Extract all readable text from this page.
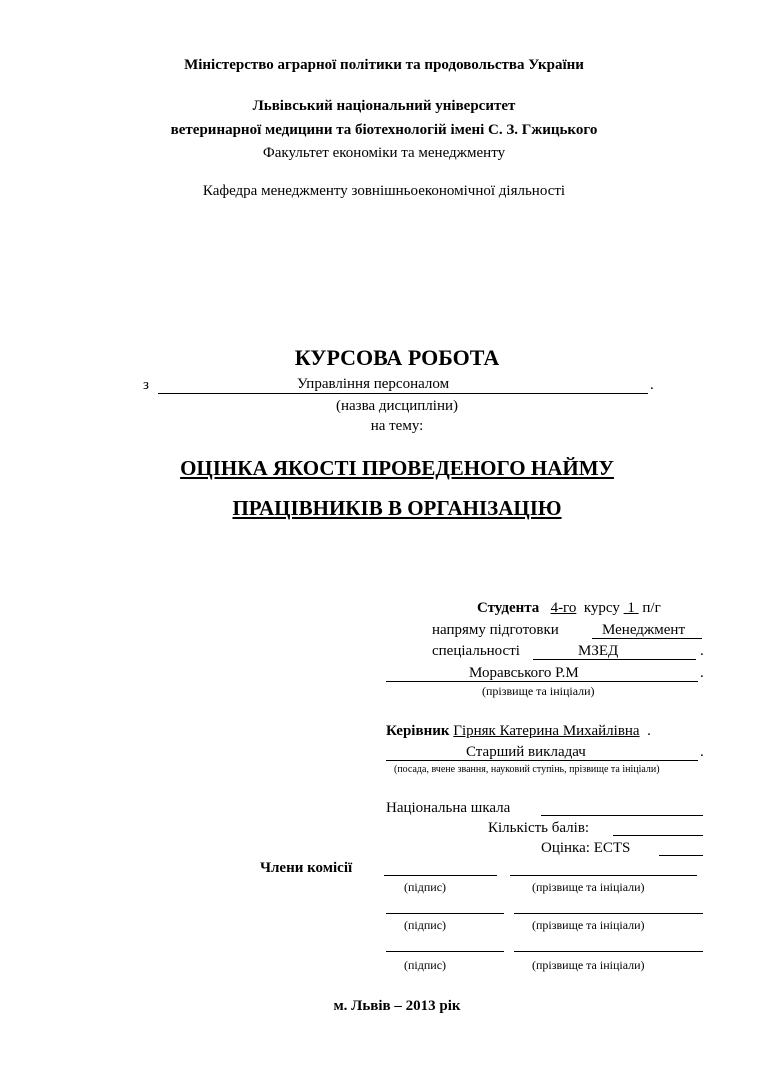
Міністерство аграрної політики та продовольства України
Львівський національний університет
ветеринарної медицини та біотехнологій імені С. З. Гжицького
Факультет економіки та менеджменту
Кафедра менеджменту зовнішньоекономічної діяльності
КУРСОВА РОБОТА
з	Управління персоналом	.
(назва дисципліни)
на тему:
ОЦІНКА ЯКОСТІ ПРОВЕДЕНОГО НАЙМУ
ПРАЦІВНИКІВ В ОРГАНІЗАЦІЮ
Студента 4-го курсу 1 п/г
напряму підготовки	Менеджмент
спеціальності	МЗЕД	.
Моравського Р.М	.
(прізвище та ініціали)
Керівник Гірняк Катерина Михайлівна  .
Старший викладач	.
(посада, вчене звання, науковий ступінь, прізвище та ініціали)
Національна шкала
Кількість балів:
Оцінка: ECTS
Члени комісії
(підпис)	(прізвище та ініціали)
(підпис)	(прізвище та ініціали)
(підпис)	(прізвище та ініціали)
м. Львів – 2013 рік
